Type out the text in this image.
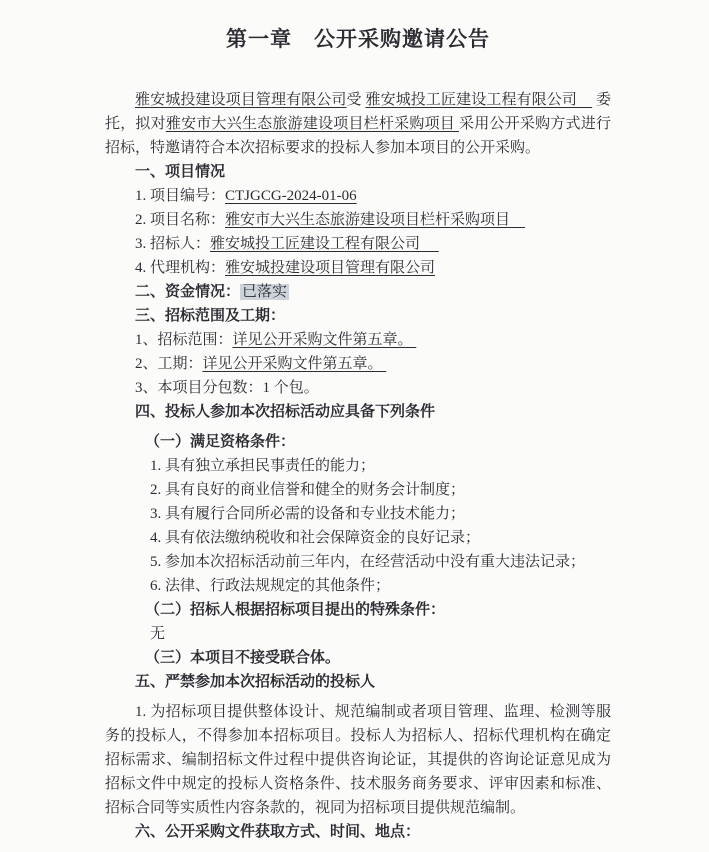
第一章　公开采购邀请公告

雅安城投建设项目管理有限公司受 雅安城投工匠建设工程有限公司　 委托，拟对雅安市大兴生态旅游建设项目栏杆采购项目 采用公开采购方式进行招标，特邀请符合本次招标要求的投标人参加本项目的公开采购。

一、项目情况
1. 项目编号：CTJGCG-2024-01-06
2. 项目名称：雅安市大兴生态旅游建设项目栏杆采购项目　
3. 招标人：雅安城投工匠建设工程有限公司　
4. 代理机构：雅安城投建设项目管理有限公司
二、资金情况： 已落实
三、招标范围及工期：
1、招标范围：详见公开采购文件第五章。
2、工期：详见公开采购文件第五章。
3、本项目分包数：1 个包。
四、投标人参加本次招标活动应具备下列条件
（一）满足资格条件：
1. 具有独立承担民事责任的能力；
2. 具有良好的商业信誉和健全的财务会计制度；
3. 具有履行合同所必需的设备和专业技术能力；
4. 具有依法缴纳税收和社会保障资金的良好记录；
5. 参加本次招标活动前三年内，在经营活动中没有重大违法记录；
6. 法律、行政法规规定的其他条件；
（二）招标人根据招标项目提出的特殊条件：
无
（三）本项目不接受联合体。
五、严禁参加本次招标活动的投标人

1. 为招标项目提供整体设计、规范编制或者项目管理、监理、检测等服务的投标人，不得参加本招标项目。投标人为招标人、招标代理机构在确定招标需求、编制招标文件过程中提供咨询论证，其提供的咨询论证意见成为招标文件中规定的投标人资格条件、技术服务商务要求、评审因素和标准、招标合同等实质性内容条款的，视同为招标项目提供规范编制。

六、公开采购文件获取方式、时间、地点：
